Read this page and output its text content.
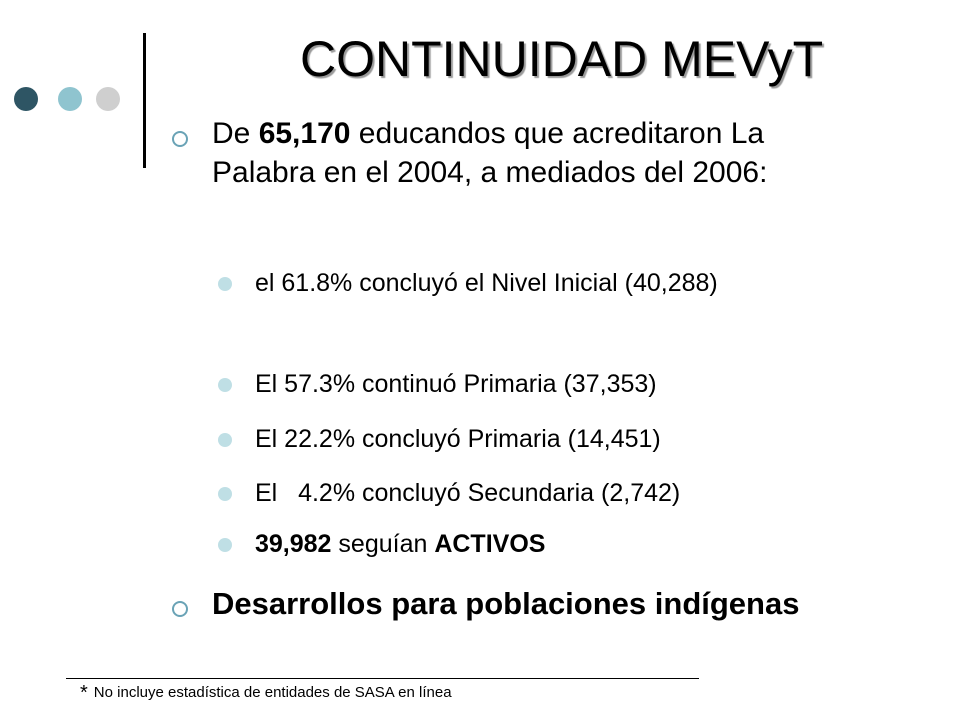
CONTINUIDAD MEVyT
De 65,170 educandos que acreditaron La Palabra en el 2004, a mediados del 2006:
el 61.8% concluyó el Nivel Inicial (40,288)
El 57.3% continuó Primaria (37,353)
El 22.2% concluyó Primaria (14,451)
El   4.2% concluyó Secundaria (2,742)
39,982 seguían ACTIVOS
Desarrollos para poblaciones indígenas
* No incluye estadística de entidades de SASA en línea
